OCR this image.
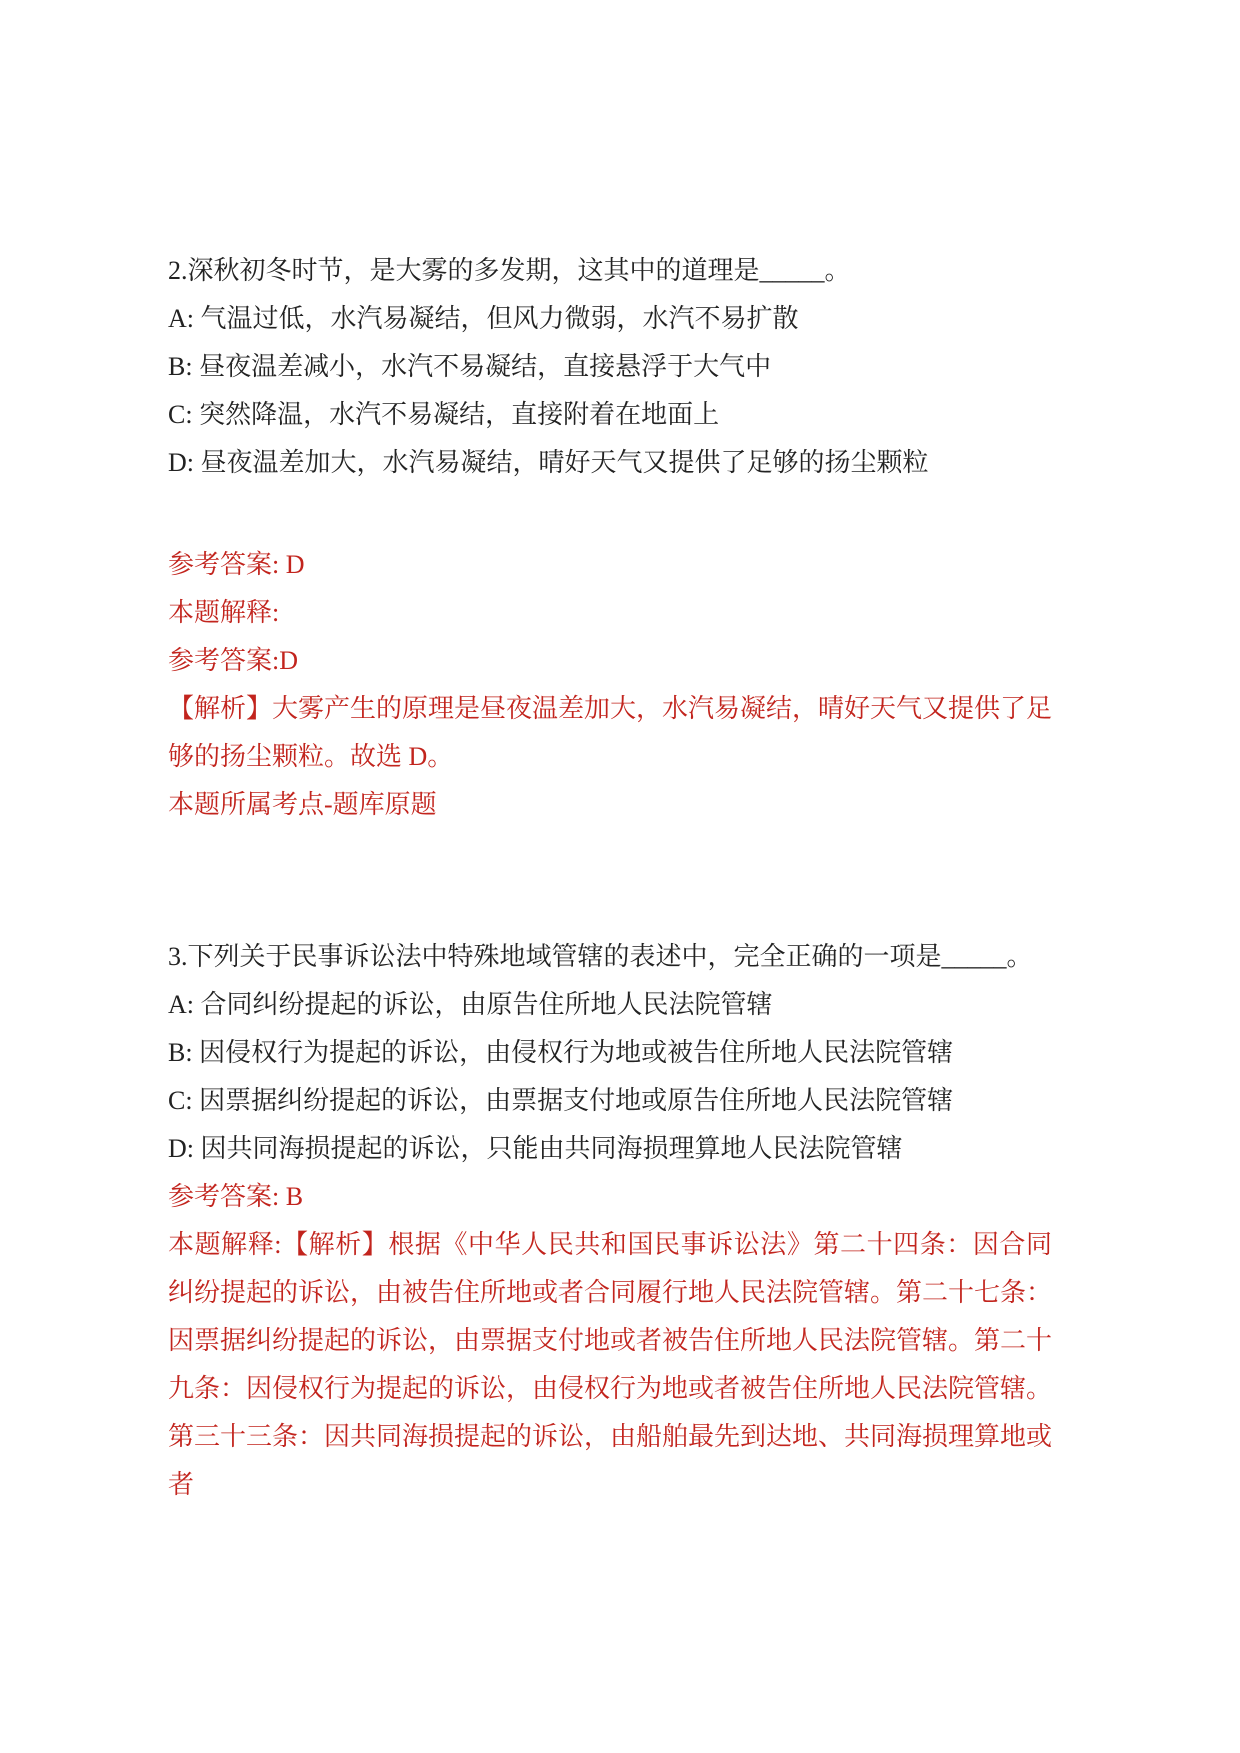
2.深秋初冬时节，是大雾的多发期，这其中的道理是_____。

A: 气温过低，水汽易凝结，但风力微弱，水汽不易扩散

B: 昼夜温差减小，水汽不易凝结，直接悬浮于大气中

C: 突然降温，水汽不易凝结，直接附着在地面上

D: 昼夜温差加大，水汽易凝结，晴好天气又提供了足够的扬尘颗粒

参考答案: D

本题解释:

参考答案:D

【解析】大雾产生的原理是昼夜温差加大，水汽易凝结，晴好天气又提供了足够的扬尘颗粒。故选 D。

本题所属考点-题库原题

3.下列关于民事诉讼法中特殊地域管辖的表述中，完全正确的一项是_____。

A: 合同纠纷提起的诉讼，由原告住所地人民法院管辖

B: 因侵权行为提起的诉讼，由侵权行为地或被告住所地人民法院管辖

C: 因票据纠纷提起的诉讼，由票据支付地或原告住所地人民法院管辖

D: 因共同海损提起的诉讼，只能由共同海损理算地人民法院管辖

参考答案: B

本题解释:【解析】根据《中华人民共和国民事诉讼法》第二十四条：因合同纠纷提起的诉讼，由被告住所地或者合同履行地人民法院管辖。第二十七条：因票据纠纷提起的诉讼，由票据支付地或者被告住所地人民法院管辖。第二十九条：因侵权行为提起的诉讼，由侵权行为地或者被告住所地人民法院管辖。第三十三条：因共同海损提起的诉讼，由船舶最先到达地、共同海损理算地或者
